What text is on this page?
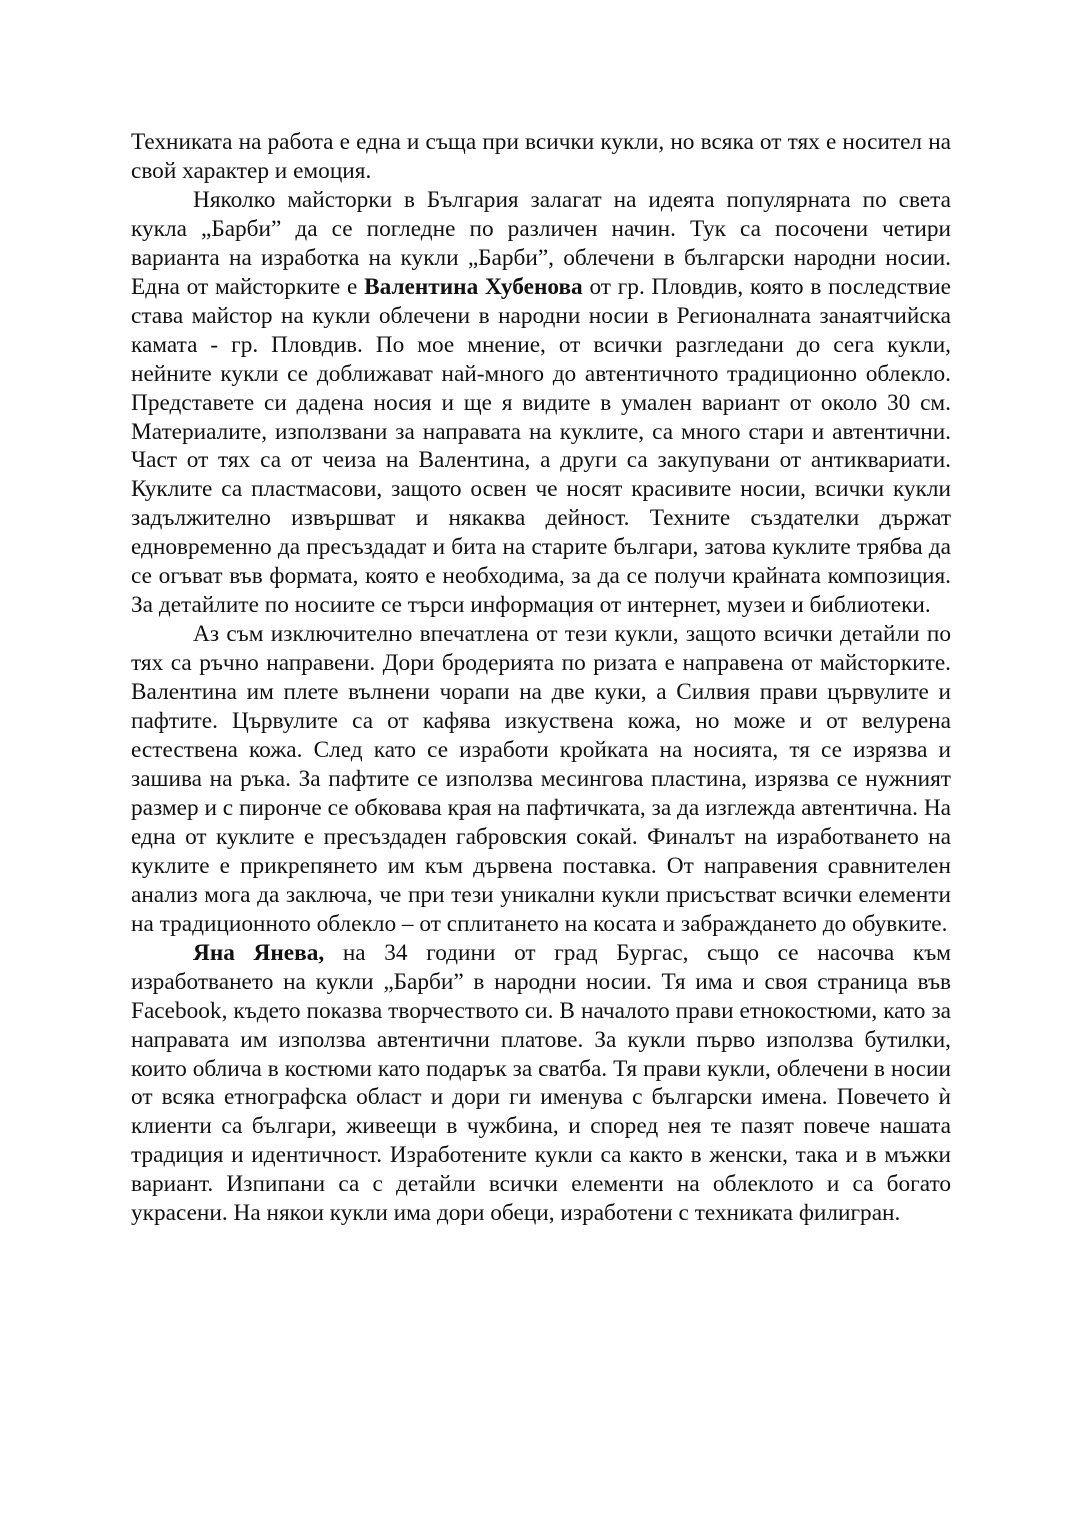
Техниката на работа е една и съща при всички кукли, но всяка от тях е носител на свой характер и емоция.

Няколко майсторки в България залагат на идеята популярната по света кукла „Барби” да се погледне по различен начин. Тук са посочени четири варианта на изработка на кукли „Барби”, облечени в български народни носии. Една от майсторките е Валентина Хубенова от гр. Пловдив, която в последствие става майстор на кукли облечени в народни носии в Регионалната занаятчийска камата - гр. Пловдив. По мое мнение, от всички разгледани до сега кукли, нейните кукли се доближават най-много до автентичното традиционно облекло. Представете си дадена носия и ще я видите в умален вариант от около 30 см. Материалите, използвани за направата на куклите, са много стари и автентични. Част от тях са от чеиза на Валентина, а други са закупувани от антиквариати. Куклите са пластмасови, защото освен че носят красивите носии, всички кукли задължително извършват и някаква дейност. Техните създателки държат едновременно да пресъздадат и бита на старите българи, затова куклите трябва да се огъват във формата, която е необходима, за да се получи крайната композиция. За детайлите по носиите се търси информация от интернет, музеи и библиотеки.

Аз съм изключително впечатлена от тези кукли, защото всички детайли по тях са ръчно направени. Дори бродерията по ризата е направена от майсторките. Валентина им плете вълнени чорапи на две куки, а Силвия прави цървулите и пафтите. Цървулите са от кафява изкуствена кожа, но може и от велурена естествена кожа. След като се изработи кройката на носията, тя се изрязва и зашива на ръка. За пафтите се използва месингова пластина, изрязва се нужният размер и с пиронче се обковава края на пафтичката, за да изглежда автентична. На една от куклите е пресъздаден габровския сокай. Финалът на изработването на куклите е прикрепянето им към дървена поставка. От направения сравнителен анализ мога да заключа, че при тези уникални кукли присъстват всички елементи на традиционното облекло – от сплитането на косата и забраждането до обувките.

Яна Янева, на 34 години от град Бургас, също се насочва към изработването на кукли „Барби” в народни носии. Тя има и своя страница във Facebook, където показва творчеството си. В началото прави етнокостюми, като за направата им използва автентични платове. За кукли първо използва бутилки, които облича в костюми като подарък за сватба. Тя прави кукли, облечени в носии от всяка етнографска област и дори ги именува с български имена. Повечето ѝ клиенти са българи, живеещи в чужбина, и според нея те пазят повече нашата традиция и идентичност. Изработените кукли са както в женски, така и в мъжки вариант. Изпипани са с детайли всички елементи на облеклото и са богато украсени. На някои кукли има дори обеци, изработени с техниката филигран.
